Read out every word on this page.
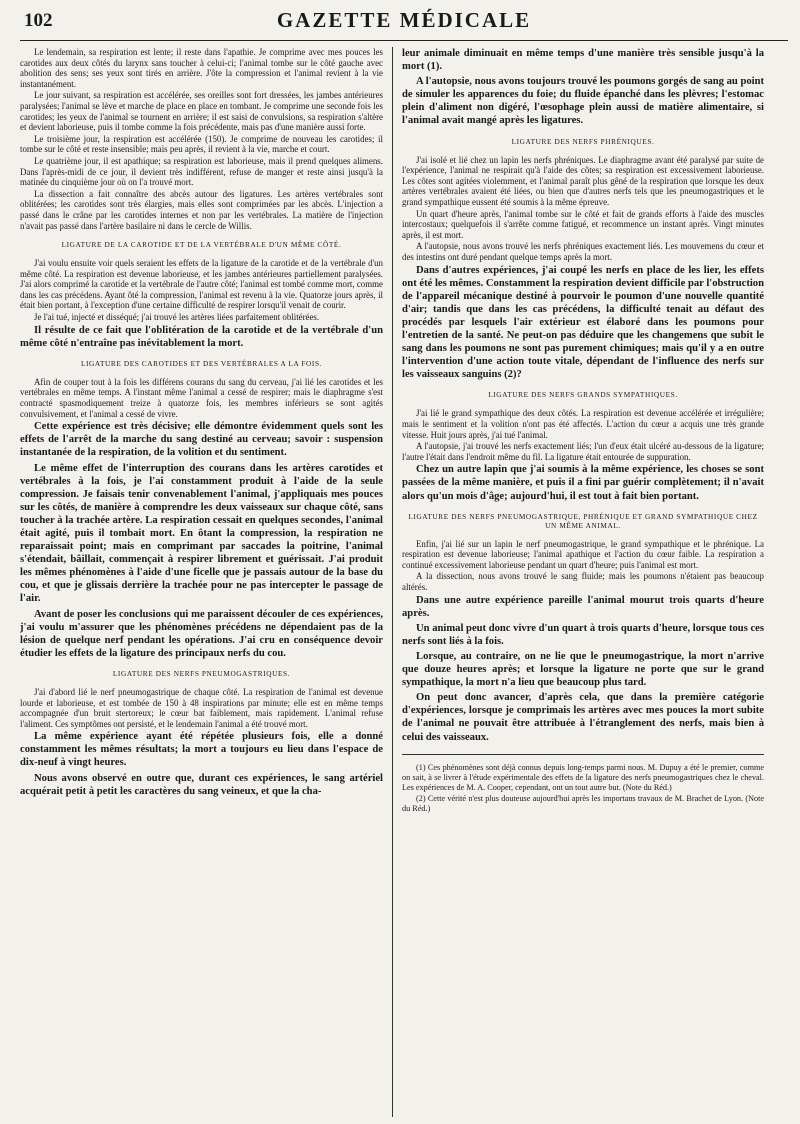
102	GAZETTE MÉDICALE

Le lendemain, sa respiration est lente; il reste dans l'apathie. Je comprime avec mes pouces les carotides aux deux côtés du larynx sans toucher à celui-ci; l'animal tombe sur le côté gauche avec abolition des sens; ses yeux sont tirés en arrière. J'ôte la compression et l'animal revient à la vie instantanément.

Le jour suivant, sa respiration est accélérée, ses oreilles sont fort dressées, les jambes antérieures paralysées; l'animal se lève et marche de place en place en tombant. Je comprime une seconde fois les carotides; les yeux de l'animal se tournent en arrière; il est saisi de convulsions, sa respiration s'altère et devient laborieuse, puis il tombe comme la fois précédente, mais pas d'une manière aussi forte.

Le troisième jour, la respiration est accélérée (150). Je comprime de nouveau les carotides; il tombe sur le côté et reste insensible; mais peu après, il revient à la vie, marche et court.

Le quatrième jour, il est apathique; sa respiration est laborieuse, mais il prend quelques alimens. Dans l'après-midi de ce jour, il devient très indifférent, refuse de manger et reste ainsi jusqu'à la matinée du cinquième jour où on l'a trouvé mort.

La dissection a fait connaître des abcès autour des ligatures. Les artères vertébrales sont oblitérées; les carotides sont très élargies, mais elles sont comprimées par les abcès. L'injection a passé dans le crâne par les carotides internes et non par les vertébrales. La matière de l'injection n'avait pas passé dans l'artère basilaire ni dans le cercle de Willis.

LIGATURE DE LA CAROTIDE ET DE LA VERTÉBRALE D'UN MÊME CÔTÉ.

J'ai voulu ensuite voir quels seraient les effets de la ligature de la carotide et de la vertébrale d'un même côté. La respiration est devenue laborieuse, et les jambes antérieures partiellement paralysées. J'ai alors comprimé la carotide et la vertébrale de l'autre côté; l'animal est tombé comme mort, comme dans les cas précédens. Ayant ôté la compression, l'animal est revenu à la vie. Quatorze jours après, il était bien portant, à l'exception d'une certaine difficulté de respirer lorsqu'il venait de courir.

Je l'ai tué, injecté et disséqué; j'ai trouvé les artères liées parfaitement oblitérées.

Il résulte de ce fait que l'oblitération de la carotide et de la vertébrale d'un même côté n'entraîne pas inévitablement la mort.

LIGATURE DES CAROTIDES ET DES VERTÉBRALES A LA FOIS.

Afin de couper tout à la fois les différens courans du sang du cerveau, j'ai lié les carotides et les vertébrales en même temps. A l'instant même l'animal a cessé de respirer; mais le diaphragme s'est contracté spasmodiquement treize à quatorze fois, les membres inférieurs se sont agités convulsivement, et l'animal a cessé de vivre.

Cette expérience est très décisive; elle démontre évidemment quels sont les effets de l'arrêt de la marche du sang destiné au cerveau; savoir : suspension instantanée de la respiration, de la volition et du sentiment.

Le même effet de l'interruption des courans dans les artères carotides et vertébrales à la fois, je l'ai constamment produit à l'aide de la seule compression. Je faisais tenir convenablement l'animal, j'appliquais mes pouces sur les côtés, de manière à comprendre les deux vaisseaux sur chaque côté, sans toucher à la trachée artère. La respiration cessait en quelques secondes, l'animal était agité, puis il tombait mort. En ôtant la compression, la respiration ne reparaissait point; mais en comprimant par saccades la poitrine, l'animal s'étendait, bâillait, commençait à respirer librement et guérissait. J'ai produit les mêmes phénomènes à l'aide d'une ficelle que je passais autour de la base du cou, et que je glissais derrière la trachée pour ne pas intercepter le passage de l'air.

Avant de poser les conclusions qui me paraissent découler de ces expériences, j'ai voulu m'assurer que les phénomènes précédens ne dépendaient pas de la lésion de quelque nerf pendant les opérations. J'ai cru en conséquence devoir étudier les effets de la ligature des principaux nerfs du cou.

LIGATURE DES NERFS PNEUMOGASTRIQUES.

J'ai d'abord lié le nerf pneumogastrique de chaque côté. La respiration de l'animal est devenue lourde et laborieuse, et est tombée de 150 à 48 inspirations par minute; elle est en même temps accompagnée d'un bruit stertoreux; le cœur bat faiblement, mais rapidement. L'animal refuse l'aliment. Ces symptômes ont persisté, et le lendemain l'animal a été trouvé mort.

La même expérience ayant été répétée plusieurs fois, elle a donné constamment les mêmes résultats; la mort a toujours eu lieu dans l'espace de dix-neuf à vingt heures.

Nous avons observé en outre que, durant ces expériences, le sang artériel acquérait petit à petit les caractères du sang veineux, et que la cha-

leur animale diminuait en même temps d'une manière très sensible jusqu'à la mort (1).

A l'autopsie, nous avons toujours trouvé les poumons gorgés de sang au point de simuler les apparences du foie; du fluide épanché dans les plèvres; l'estomac plein d'aliment non digéré, l'œsophage plein aussi de matière alimentaire, si l'animal avait mangé après les ligatures.

LIGATURE DES NERFS PHRÉNIQUES.

J'ai isolé et lié chez un lapin les nerfs phréniques. Le diaphragme avant été paralysé par suite de l'expérience, l'animal ne respirait qu'à l'aide des côtes; sa respiration est excessivement laborieuse. Les côtes sont agitées violemment, et l'animal paraît plus gêné de la respiration que lorsque les deux artères vertébrales avaient été liées, ou bien que d'autres nerfs tels que les pneumogastriques et le grand sympathique eussent été soumis à la même épreuve.

Un quart d'heure après, l'animal tombe sur le côté et fait de grands efforts à l'aide des muscles intercostaux; quelquefois il s'arrête comme fatigué, et recommence un instant après. Vingt minutes après, il est mort.

A l'autopsie, nous avons trouvé les nerfs phréniques exactement liés. Les mouvemens du cœur et des intestins ont duré pendant quelque temps après la mort.

Dans d'autres expériences, j'ai coupé les nerfs en place de les lier, les effets ont été les mêmes. Constamment la respiration devient difficile par l'obstruction de l'appareil mécanique destiné à pourvoir le poumon d'une nouvelle quantité d'air; tandis que dans les cas précédens, la difficulté tenait au défaut des procédés par lesquels l'air extérieur est élaboré dans les poumons pour l'entretien de la santé. Ne peut-on pas déduire que les changemens que subit le sang dans les poumons ne sont pas purement chimiques; mais qu'il y a en outre l'intervention d'une action toute vitale, dépendant de l'influence des nerfs sur les vaisseaux sanguins (2)?

LIGATURE DES NERFS GRANDS SYMPATHIQUES.

J'ai lié le grand sympathique des deux côtés. La respiration est devenue accélérée et irrégulière; mais le sentiment et la volition n'ont pas été affectés. L'action du cœur a acquis une très grande vitesse. Huit jours après, j'ai tué l'animal.

A l'autopsie, j'ai trouvé les nerfs exactement liés; l'un d'eux était ulcéré au-dessous de la ligature; l'autre l'était dans l'endroit même du fil. La ligature était entourée de suppuration.

Chez un autre lapin que j'ai soumis à la même expérience, les choses se sont passées de la même manière, et puis il a fini par guérir complètement; il n'avait alors qu'un mois d'âge; aujourd'hui, il est tout à fait bien portant.

LIGATURE DES NERFS PNEUMOGASTRIQUE, PHRÉNIQUE ET GRAND SYMPATHIQUE CHEZ UN MÊME ANIMAL.

Enfin, j'ai lié sur un lapin le nerf pneumogastrique, le grand sympathique et le phrénique. La respiration est devenue laborieuse; l'animal apathique et l'action du cœur faible. La respiration a continué excessivement laborieuse pendant un quart d'heure; puis l'animal est mort.

A la dissection, nous avons trouvé le sang fluide; mais les poumons n'étaient pas beaucoup altérés.

Dans une autre expérience pareille l'animal mourut trois quarts d'heure après.

Un animal peut donc vivre d'un quart à trois quarts d'heure, lorsque tous ces nerfs sont liés à la fois.

Lorsque, au contraire, on ne lie que le pneumogastrique, la mort n'arrive que douze heures après; et lorsque la ligature ne porte que sur le grand sympathique, la mort n'a lieu que beaucoup plus tard.

On peut donc avancer, d'après cela, que dans la première catégorie d'expériences, lorsque je comprimais les artères avec mes pouces la mort subite de l'animal ne pouvait être attribuée à l'étranglement des nerfs, mais bien à celui des vaisseaux.

(1) Ces phénomènes sont déjà connus depuis long-temps parmi nous. M. Dupuy a été le premier, comme on sait, à se livrer à l'étude expérimentale des effets de la ligature des nerfs pneumogastriques chez le cheval. Les expériences de M. A. Cooper, cependant, ont un tout autre but. (Note du Réd.)

(2) Cette vérité n'est plus douteuse aujourd'hui après les importans travaux de M. Brachet de Lyon. (Note du Réd.)
